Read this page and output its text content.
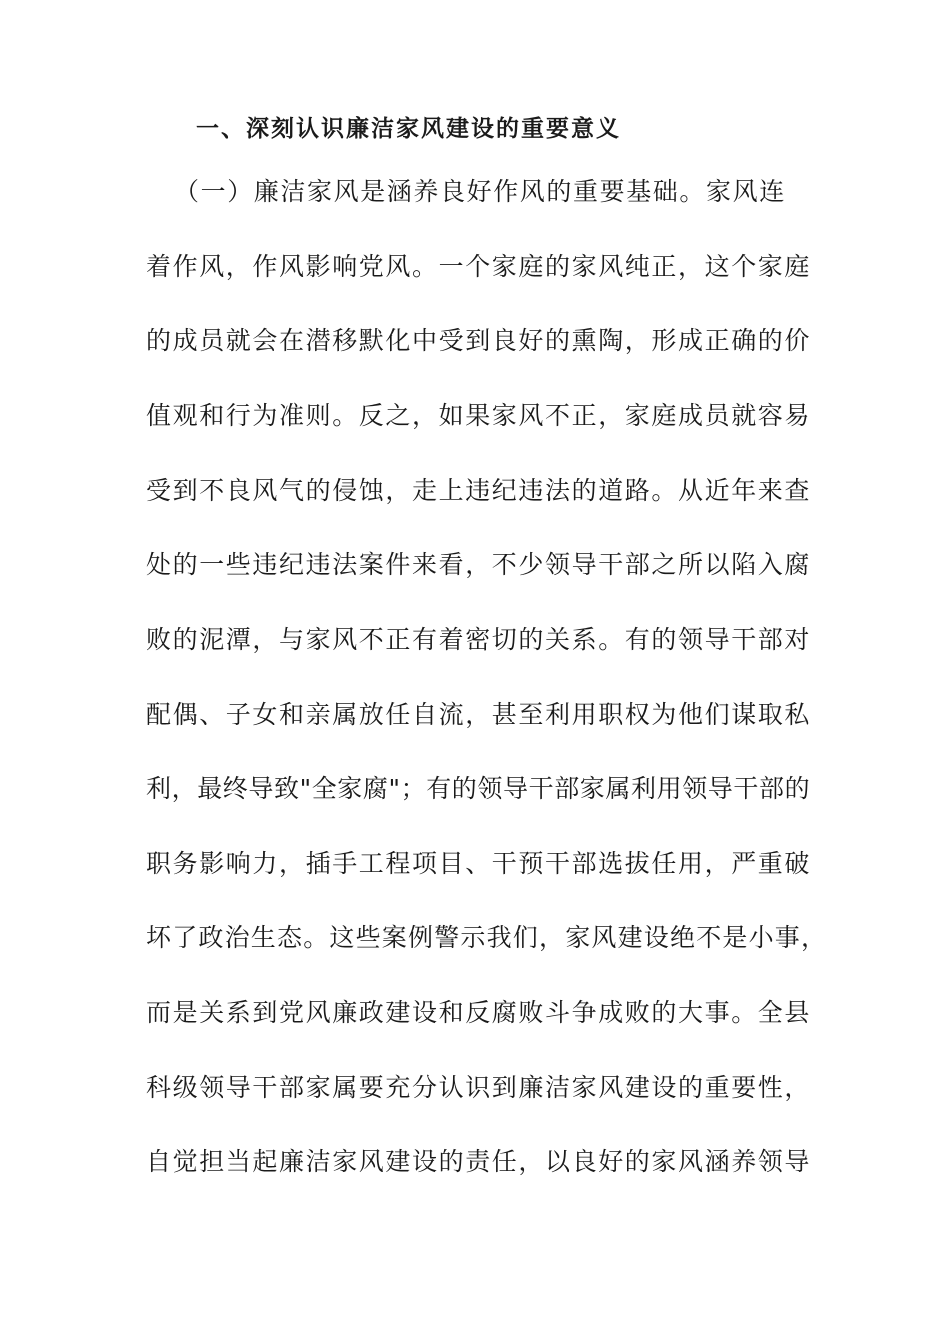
一、深刻认识廉洁家风建设的重要意义
（一）廉洁家风是涵养良好作风的重要基础。家风连
着作风，作风影响党风。一个家庭的家风纯正，这个家庭
的成员就会在潜移默化中受到良好的熏陶，形成正确的价
值观和行为准则。反之，如果家风不正，家庭成员就容易
受到不良风气的侵蚀，走上违纪违法的道路。从近年来查
处的一些违纪违法案件来看，不少领导干部之所以陷入腐
败的泥潭，与家风不正有着密切的关系。有的领导干部对
配偶、子女和亲属放任自流，甚至利用职权为他们谋取私
利，最终导致"全家腐"；有的领导干部家属利用领导干部的
职务影响力，插手工程项目、干预干部选拔任用，严重破
坏了政治生态。这些案例警示我们，家风建设绝不是小事，
而是关系到党风廉政建设和反腐败斗争成败的大事。全县
科级领导干部家属要充分认识到廉洁家风建设的重要性，
自觉担当起廉洁家风建设的责任，以良好的家风涵养领导
